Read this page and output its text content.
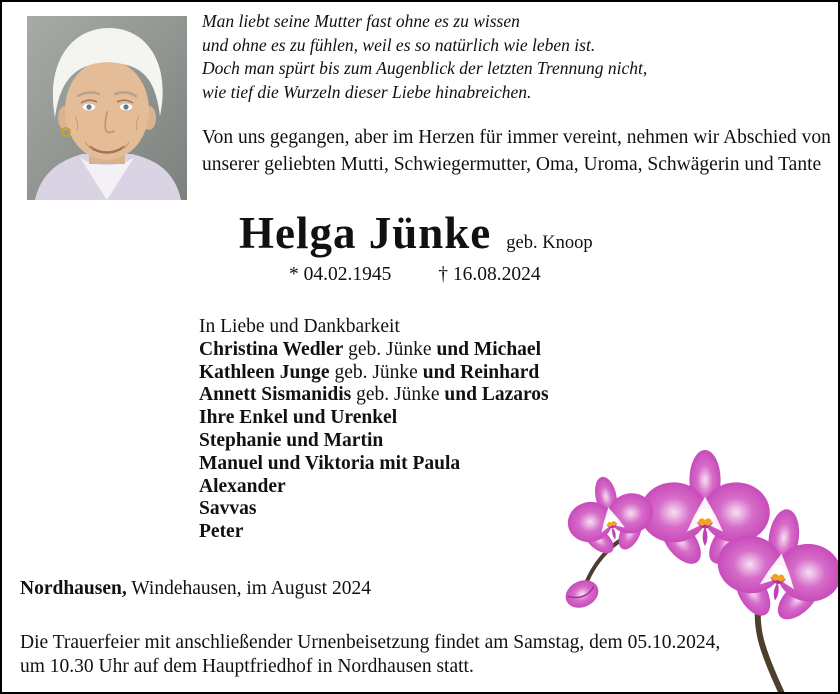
Man liebt seine Mutter fast ohne es zu wissen
und ohne es zu fühlen, weil es so natürlich wie leben ist.
Doch man spürt bis zum Augenblick der letzten Trennung nicht,
wie tief die Wurzeln dieser Liebe hinabreichen.
Von uns gegangen, aber im Herzen für immer vereint, nehmen wir Abschied von
unserer geliebten Mutti, Schwiegermutter, Oma, Uroma, Schwägerin und Tante
Helga Jünke geb. Knoop
* 04.02.1945 † 16.08.2024
In Liebe und Dankbarkeit
Christina Wedler geb. Jünke und Michael
Kathleen Junge geb. Jünke und Reinhard
Annett Sismanidis geb. Jünke und Lazaros
Ihre Enkel und Urenkel
Stephanie und Martin
Manuel und Viktoria mit Paula
Alexander
Savvas
Peter
Nordhausen, Windehausen, im August 2024
Die Trauerfeier mit anschließender Urnenbeisetzung findet am Samstag, dem 05.10.2024,
um 10.30 Uhr auf dem Hauptfriedhof in Nordhausen statt.
